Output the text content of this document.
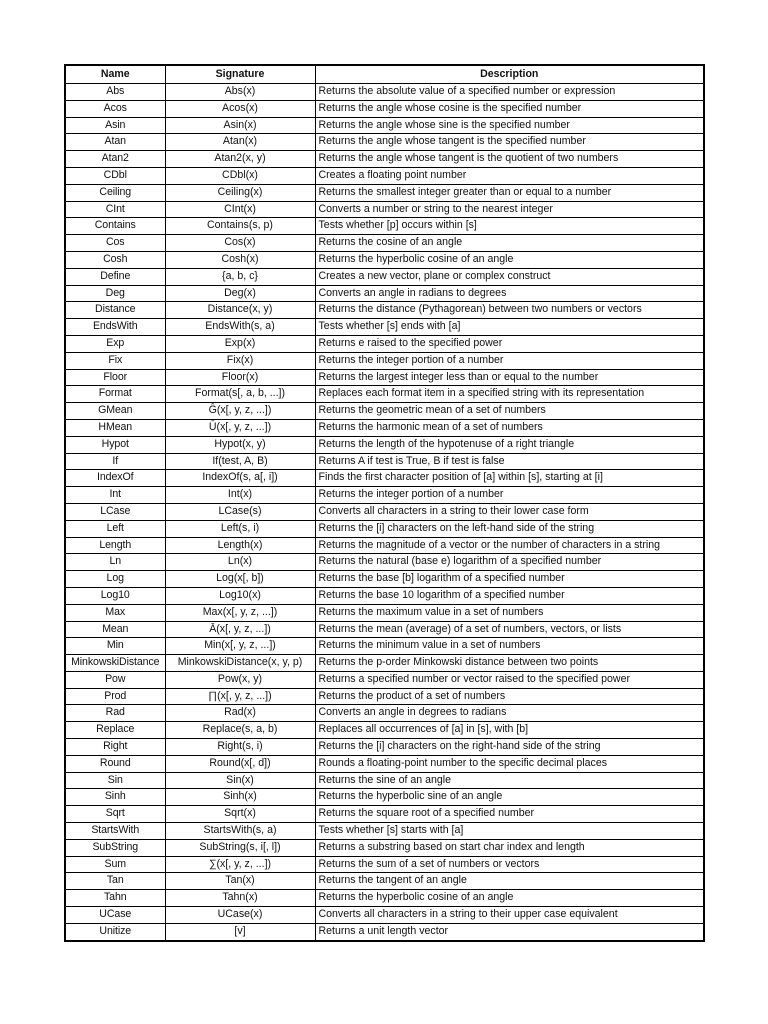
Name	Signature	Description
Abs	Abs(x)	Returns the absolute value of a specified number or expression
Acos	Acos(x)	Returns the angle whose cosine is the specified number
Asin	Asin(x)	Returns the angle whose sine is the specified number
Atan	Atan(x)	Returns the angle whose tangent is the specified number
Atan2	Atan2(x, y)	Returns the angle whose tangent is the quotient of two numbers
CDbl	CDbl(x)	Creates a floating point number
Ceiling	Ceiling(x)	Returns the smallest integer greater than or equal to a number
CInt	CInt(x)	Converts a number or string to the nearest integer
Contains	Contains(s, p)	Tests whether [p] occurs within [s]
Cos	Cos(x)	Returns the cosine of an angle
Cosh	Cosh(x)	Returns the hyperbolic cosine of an angle
Define	{a, b, c}	Creates a new vector, plane or complex construct
Deg	Deg(x)	Converts an angle in radians to degrees
Distance	Distance(x, y)	Returns the distance (Pythagorean) between two numbers or vectors
EndsWith	EndsWith(s, a)	Tests whether [s] ends with [a]
Exp	Exp(x)	Returns e raised to the specified power
Fix	Fix(x)	Returns the integer portion of a number
Floor	Floor(x)	Returns the largest integer less than or equal to the number
Format	Format(s[, a, b, ...])	Replaces each format item in a specified string with its representation
GMean	Ĝ(x[, y, z, ...])	Returns the geometric mean of a set of numbers
HMean	Ū(x[, y, z, ...])	Returns the harmonic mean of a set of numbers
Hypot	Hypot(x, y)	Returns the length of the hypotenuse of a right triangle
If	If(test, A, B)	Returns A if test is True, B if test is false
IndexOf	IndexOf(s, a[, i])	Finds the first character position of [a] within [s], starting at [i]
Int	Int(x)	Returns the integer portion of a number
LCase	LCase(s)	Converts all characters in a string to their lower case form
Left	Left(s, i)	Returns the [i] characters on the left-hand side of the string
Length	Length(x)	Returns the magnitude of a vector or the number of characters in a string
Ln	Ln(x)	Returns the natural (base e) logarithm of a specified number
Log	Log(x[, b])	Returns the base [b] logarithm of a specified number
Log10	Log10(x)	Returns the base 10 logarithm of a specified number
Max	Max(x[, y, z, ...])	Returns the maximum value in a set of numbers
Mean	Ā(x[, y, z, ...])	Returns the mean (average) of a set of numbers, vectors, or lists
Min	Min(x[, y, z, ...])	Returns the minimum value in a set of numbers
MinkowskiDistance	MinkowskiDistance(x, y, p)	Returns the p-order Minkowski distance between two points
Pow	Pow(x, y)	Returns a specified number or vector raised to the specified power
Prod	∏(x[, y, z, ...])	Returns the product of a set of numbers
Rad	Rad(x)	Converts an angle in degrees to radians
Replace	Replace(s, a, b)	Replaces all occurrences of [a] in [s], with [b]
Right	Right(s, i)	Returns the [i] characters on the right-hand side of the string
Round	Round(x[, d])	Rounds a floating-point number to the specific decimal places
Sin	Sin(x)	Returns the sine of an angle
Sinh	Sinh(x)	Returns the hyperbolic sine of an angle
Sqrt	Sqrt(x)	Returns the square root of a specified number
StartsWith	StartsWith(s, a)	Tests whether [s] starts with [a]
SubString	SubString(s, i[, l])	Returns a substring based on start char index and length
Sum	∑(x[, y, z, ...])	Returns the sum of a set of numbers or vectors
Tan	Tan(x)	Returns the tangent of an angle
Tahn	Tahn(x)	Returns the hyperbolic cosine of an angle
UCase	UCase(x)	Converts all characters in a string to their upper case equivalent
Unitize	[v]	Returns a unit length vector
